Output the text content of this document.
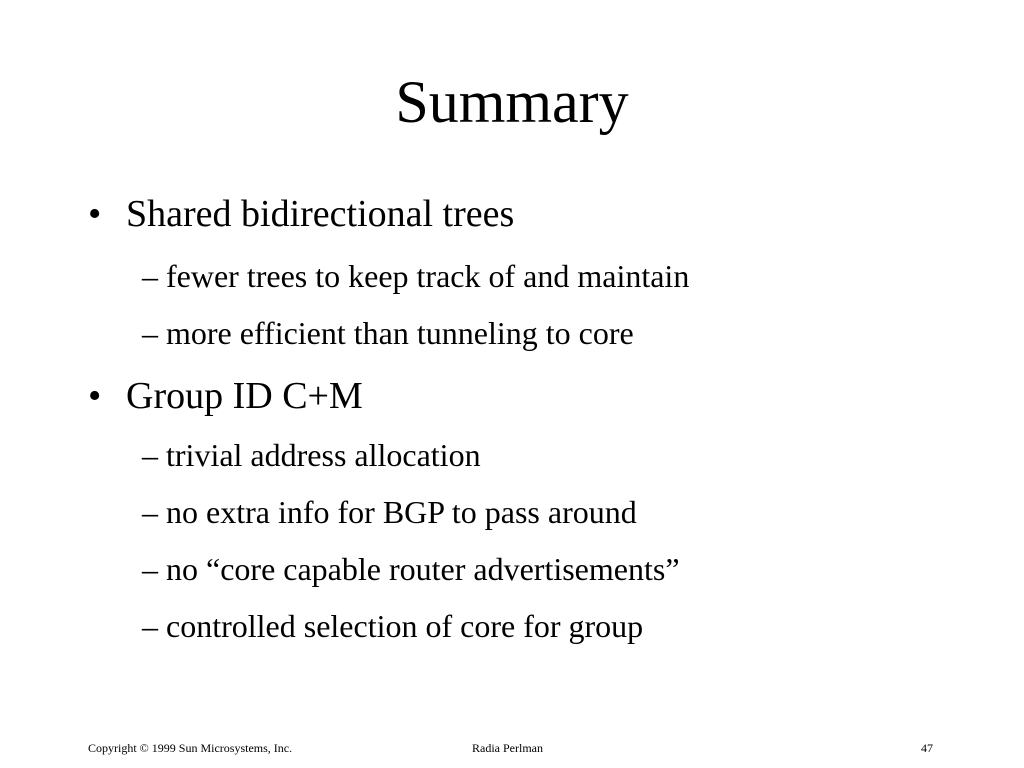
Summary
• Shared bidirectional trees
– fewer trees to keep track of and maintain
– more efficient than tunneling to core
• Group ID C+M
– trivial address allocation
– no extra info for BGP to pass around
– no “core capable router advertisements”
– controlled selection of core for group
Copyright © 1999 Sun Microsystems, Inc.	Radia Perlman	47
